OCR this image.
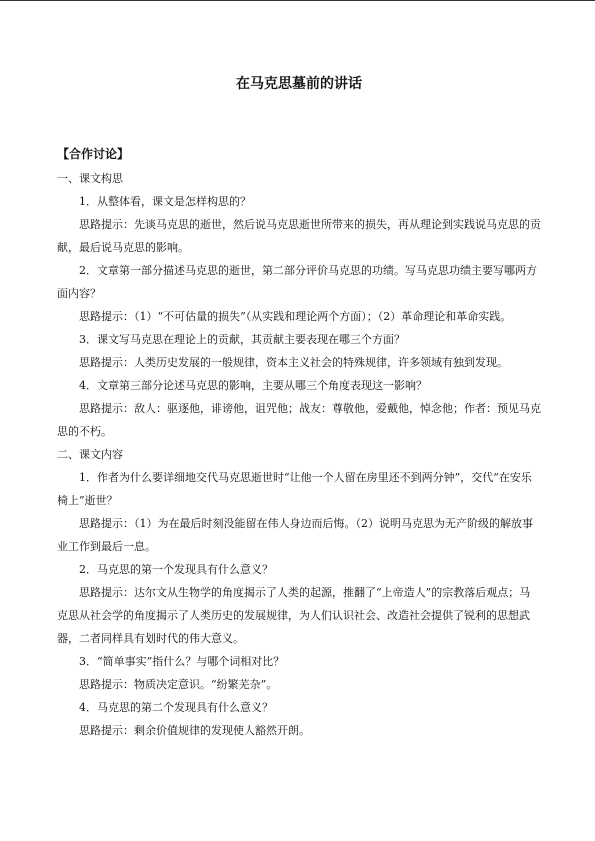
在马克思墓前的讲话
【合作讨论】

一、课文构思

1．从整体看，课文是怎样构思的？

思路提示：先谈马克思的逝世，然后说马克思逝世所带来的损失，再从理论到实践说马克思的贡献，最后说马克思的影响。

2．文章第一部分描述马克思的逝世，第二部分评价马克思的功绩。写马克思功绩主要写哪两方面内容？

思路提示：（1）“不可估量的损失”（从实践和理论两个方面）；（2）革命理论和革命实践。

3．课文写马克思在理论上的贡献，其贡献主要表现在哪三个方面？

思路提示：人类历史发展的一般规律，资本主义社会的特殊规律，许多领域有独到发现。

4．文章第三部分论述马克思的影响，主要从哪三个角度表现这一影响？

思路提示：敌人：驱逐他，诽谤他，诅咒他；战友：尊敬他，爱戴他，悼念他；作者：预见马克思的不朽。

二、课文内容

1．作者为什么要详细地交代马克思逝世时“让他一个人留在房里还不到两分钟”，交代“在安乐椅上”逝世？

思路提示：（1）为在最后时刻没能留在伟人身边而后悔。（2）说明马克思为无产阶级的解放事业工作到最后一息。

2．马克思的第一个发现具有什么意义？

思路提示：达尔文从生物学的角度揭示了人类的起源，推翻了“上帝造人”的宗教落后观点；马克思从社会学的角度揭示了人类历史的发展规律，为人们认识社会、改造社会提供了锐利的思想武器，二者同样具有划时代的伟大意义。

3．“简单事实”指什么？与哪个词相对比？

思路提示：物质决定意识。“纷繁芜杂”。

4．马克思的第二个发现具有什么意义？

思路提示：剩余价值规律的发现使人豁然开朗。
